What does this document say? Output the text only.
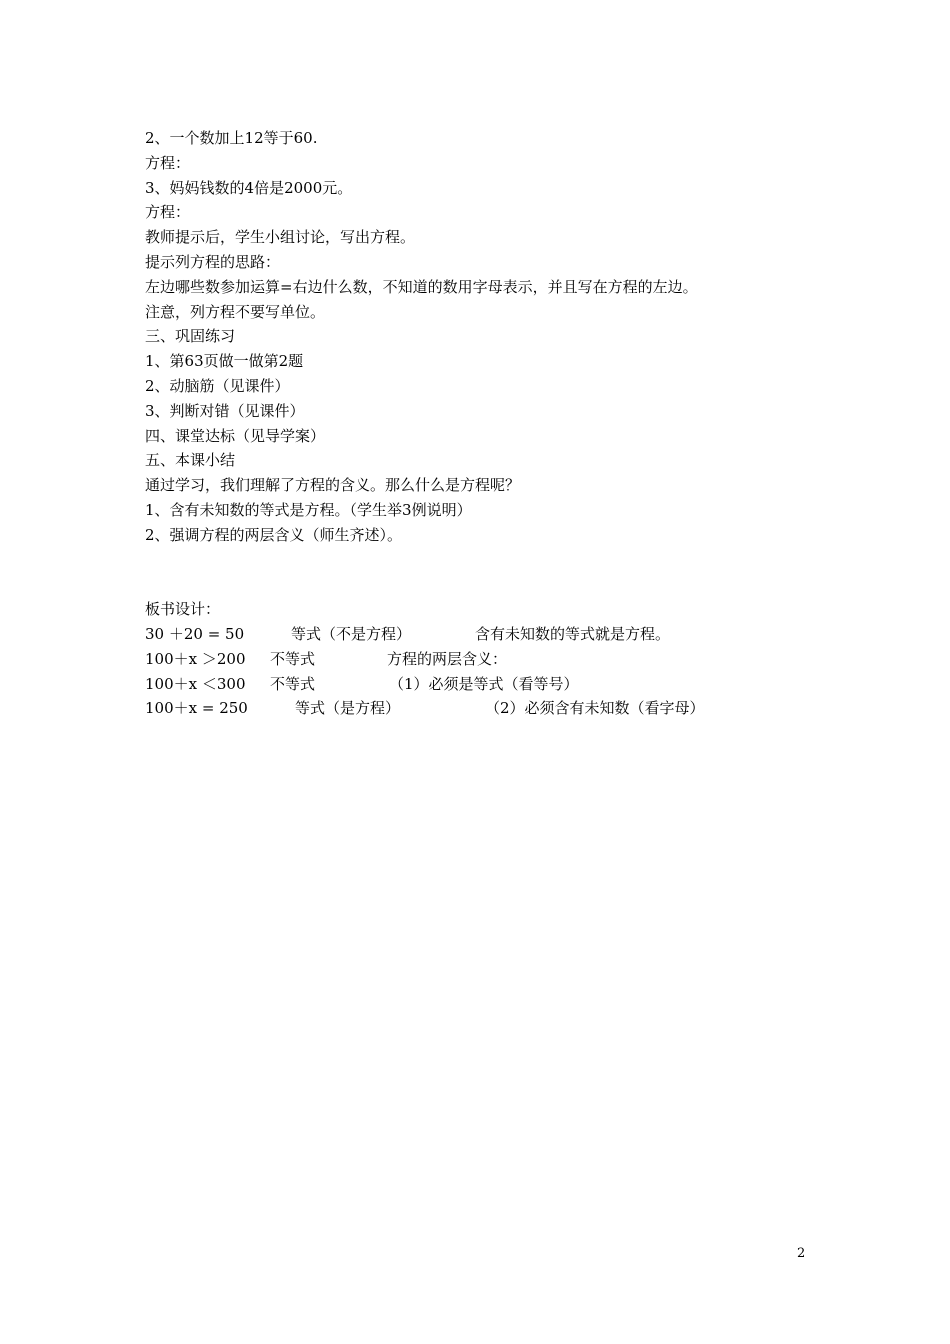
2、一个数加上12等于60.
方程：
3、妈妈钱数的4倍是2000元。
方程：
教师提示后，学生小组讨论，写出方程。
提示列方程的思路：
左边哪些数参加运算=右边什么数，不知道的数用字母表示，并且写在方程的左边。
注意，列方程不要写单位。
三、巩固练习
1、第63页做一做第2题
2、动脑筋（见课件）
3、判断对错（见课件）
四、课堂达标（见导学案）
五、本课小结
通过学习，我们理解了方程的含义。那么什么是方程呢？
1、含有未知数的等式是方程。（学生举3例说明）
2、强调方程的两层含义（师生齐述）。
板书设计：
30 ＋20 = 50	等式（不是方程）	含有未知数的等式就是方程。
100＋x ＞200 不等式	方程的两层含义：
100＋x ＜300 不等式	（1）必须是等式（看等号）
100＋x = 250	等式（是方程）	（2）必须含有未知数（看字母）
2
